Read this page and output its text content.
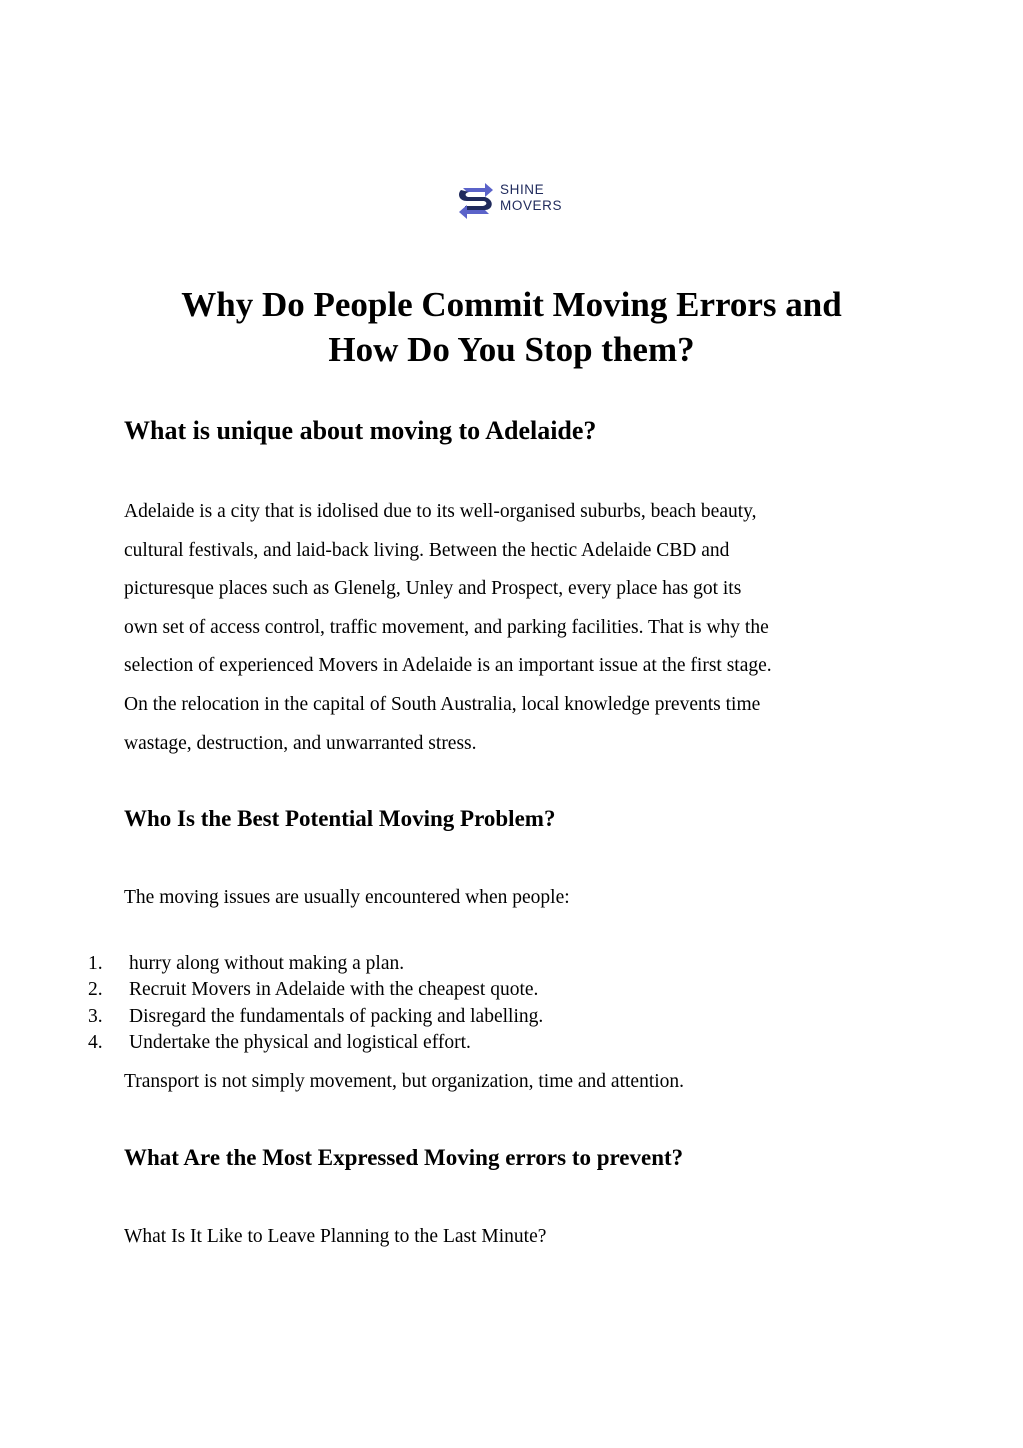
SHINE
MOVERS
Why Do People Commit Moving Errors and
How Do You Stop them?
What is unique about moving to Adelaide?

Adelaide is a city that is idolised due to its well-organised suburbs, beach beauty,
cultural festivals, and laid-back living. Between the hectic Adelaide CBD and
picturesque places such as Glenelg, Unley and Prospect, every place has got its
own set of access control, traffic movement, and parking facilities. That is why the
selection of experienced Movers in Adelaide is an important issue at the first stage.
On the relocation in the capital of South Australia, local knowledge prevents time
wastage, destruction, and unwarranted stress.

Who Is the Best Potential Moving Problem?

The moving issues are usually encountered when people:

1. hurry along without making a plan.
2. Recruit Movers in Adelaide with the cheapest quote.
3. Disregard the fundamentals of packing and labelling.
4. Undertake the physical and logistical effort.

Transport is not simply movement, but organization, time and attention.

What Are the Most Expressed Moving errors to prevent?

What Is It Like to Leave Planning to the Last Minute?
